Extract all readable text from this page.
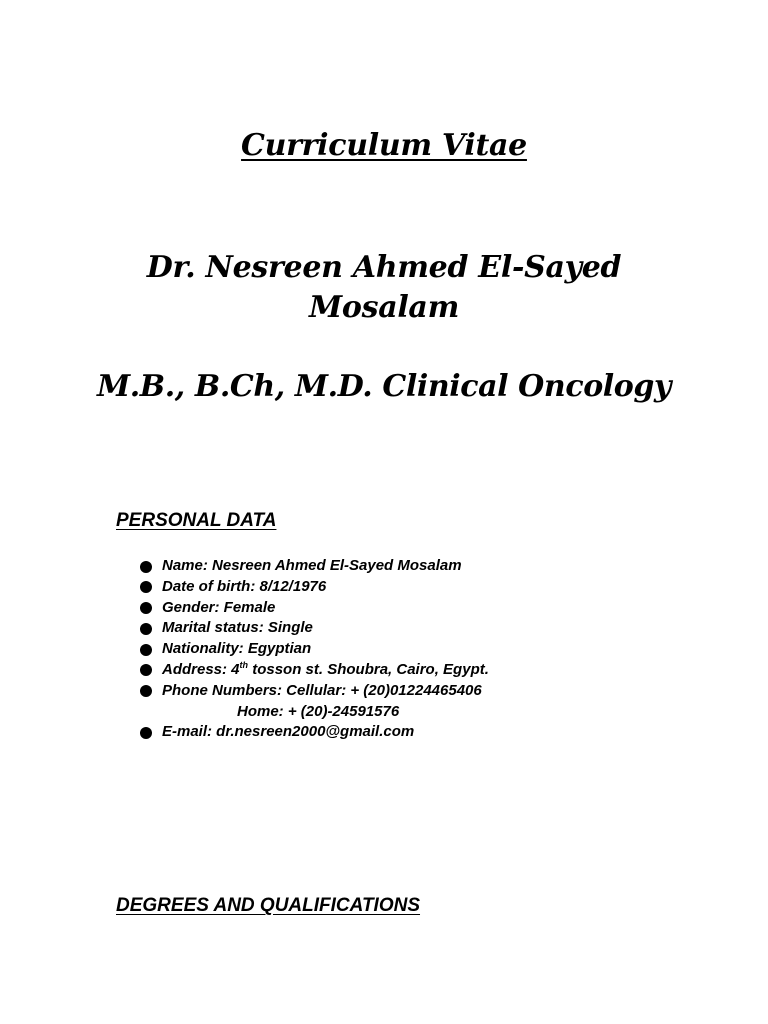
Curriculum Vitae
Dr. Nesreen Ahmed El-Sayed
Mosalam
M.B., B.Ch, M.D. Clinical Oncology
PERSONAL DATA
Name: Nesreen Ahmed El-Sayed Mosalam
Date of birth: 8/12/1976
Gender: Female
Marital status: Single
Nationality: Egyptian
Address: 4th tosson st. Shoubra, Cairo, Egypt.
Phone Numbers: Cellular: + (20)01224465406
Home: + (20)-24591576
E-mail: dr.nesreen2000@gmail.com
DEGREES AND QUALIFICATIONS
